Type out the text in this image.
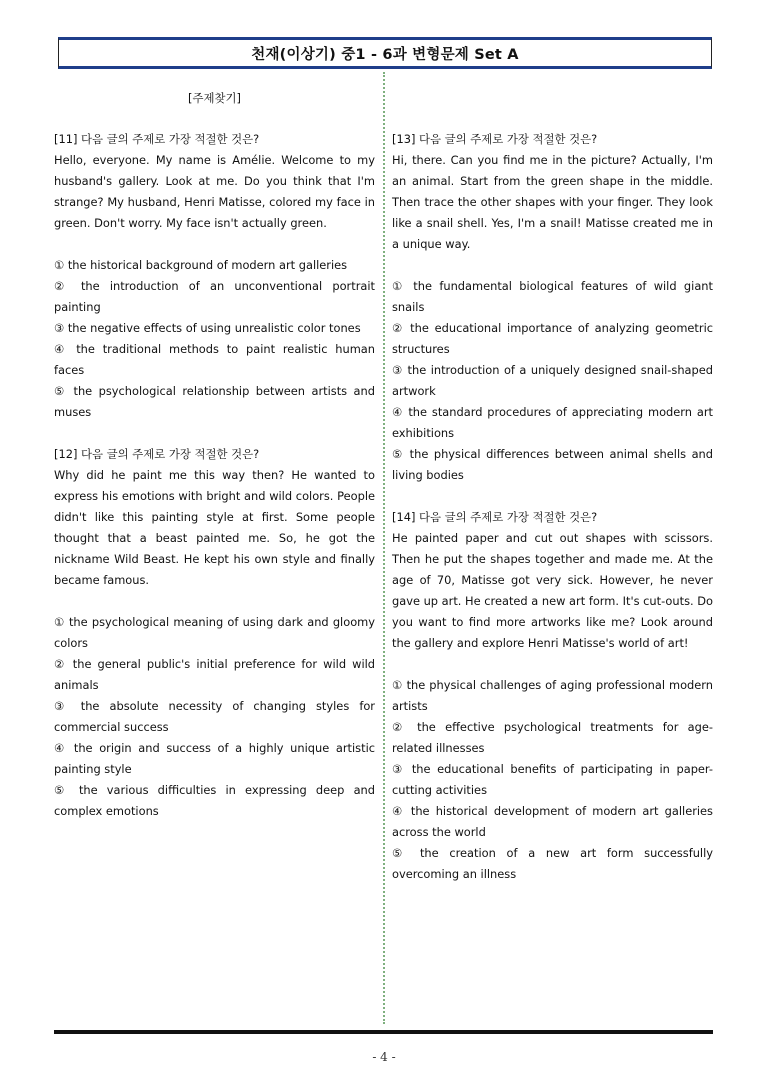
천재(이상기) 중1 - 6과 변형문제 Set A
[주제찾기]
[11] 다음 글의 주제로 가장 적절한 것은?
Hello, everyone. My name is Amélie. Welcome to my husband's gallery. Look at me. Do you think that I'm strange? My husband, Henri Matisse, colored my face in green. Don't worry. My face isn't actually green.
① the historical background of modern art galleries
② the introduction of an unconventional portrait painting
③ the negative effects of using unrealistic color tones
④ the traditional methods to paint realistic human faces
⑤ the psychological relationship between artists and muses
[12] 다음 글의 주제로 가장 적절한 것은?
Why did he paint me this way then? He wanted to express his emotions with bright and wild colors. People didn't like this painting style at first. Some people thought that a beast painted me. So, he got the nickname Wild Beast. He kept his own style and finally became famous.
① the psychological meaning of using dark and gloomy colors
② the general public's initial preference for wild wild animals
③ the absolute necessity of changing styles for commercial success
④ the origin and success of a highly unique artistic painting style
⑤ the various difficulties in expressing deep and complex emotions
[13] 다음 글의 주제로 가장 적절한 것은?
Hi, there. Can you find me in the picture? Actually, I'm an animal. Start from the green shape in the middle. Then trace the other shapes with your finger. They look like a snail shell. Yes, I'm a snail! Matisse created me in a unique way.
① the fundamental biological features of wild giant snails
② the educational importance of analyzing geometric structures
③ the introduction of a uniquely designed snail-shaped artwork
④ the standard procedures of appreciating modern art exhibitions
⑤ the physical differences between animal shells and living bodies
[14] 다음 글의 주제로 가장 적절한 것은?
He painted paper and cut out shapes with scissors. Then he put the shapes together and made me. At the age of 70, Matisse got very sick. However, he never gave up art. He created a new art form. It's cut-outs. Do you want to find more artworks like me? Look around the gallery and explore Henri Matisse's world of art!
① the physical challenges of aging professional modern artists
② the effective psychological treatments for age-related illnesses
③ the educational benefits of participating in paper-cutting activities
④ the historical development of modern art galleries across the world
⑤ the creation of a new art form successfully overcoming an illness
- 4 -
